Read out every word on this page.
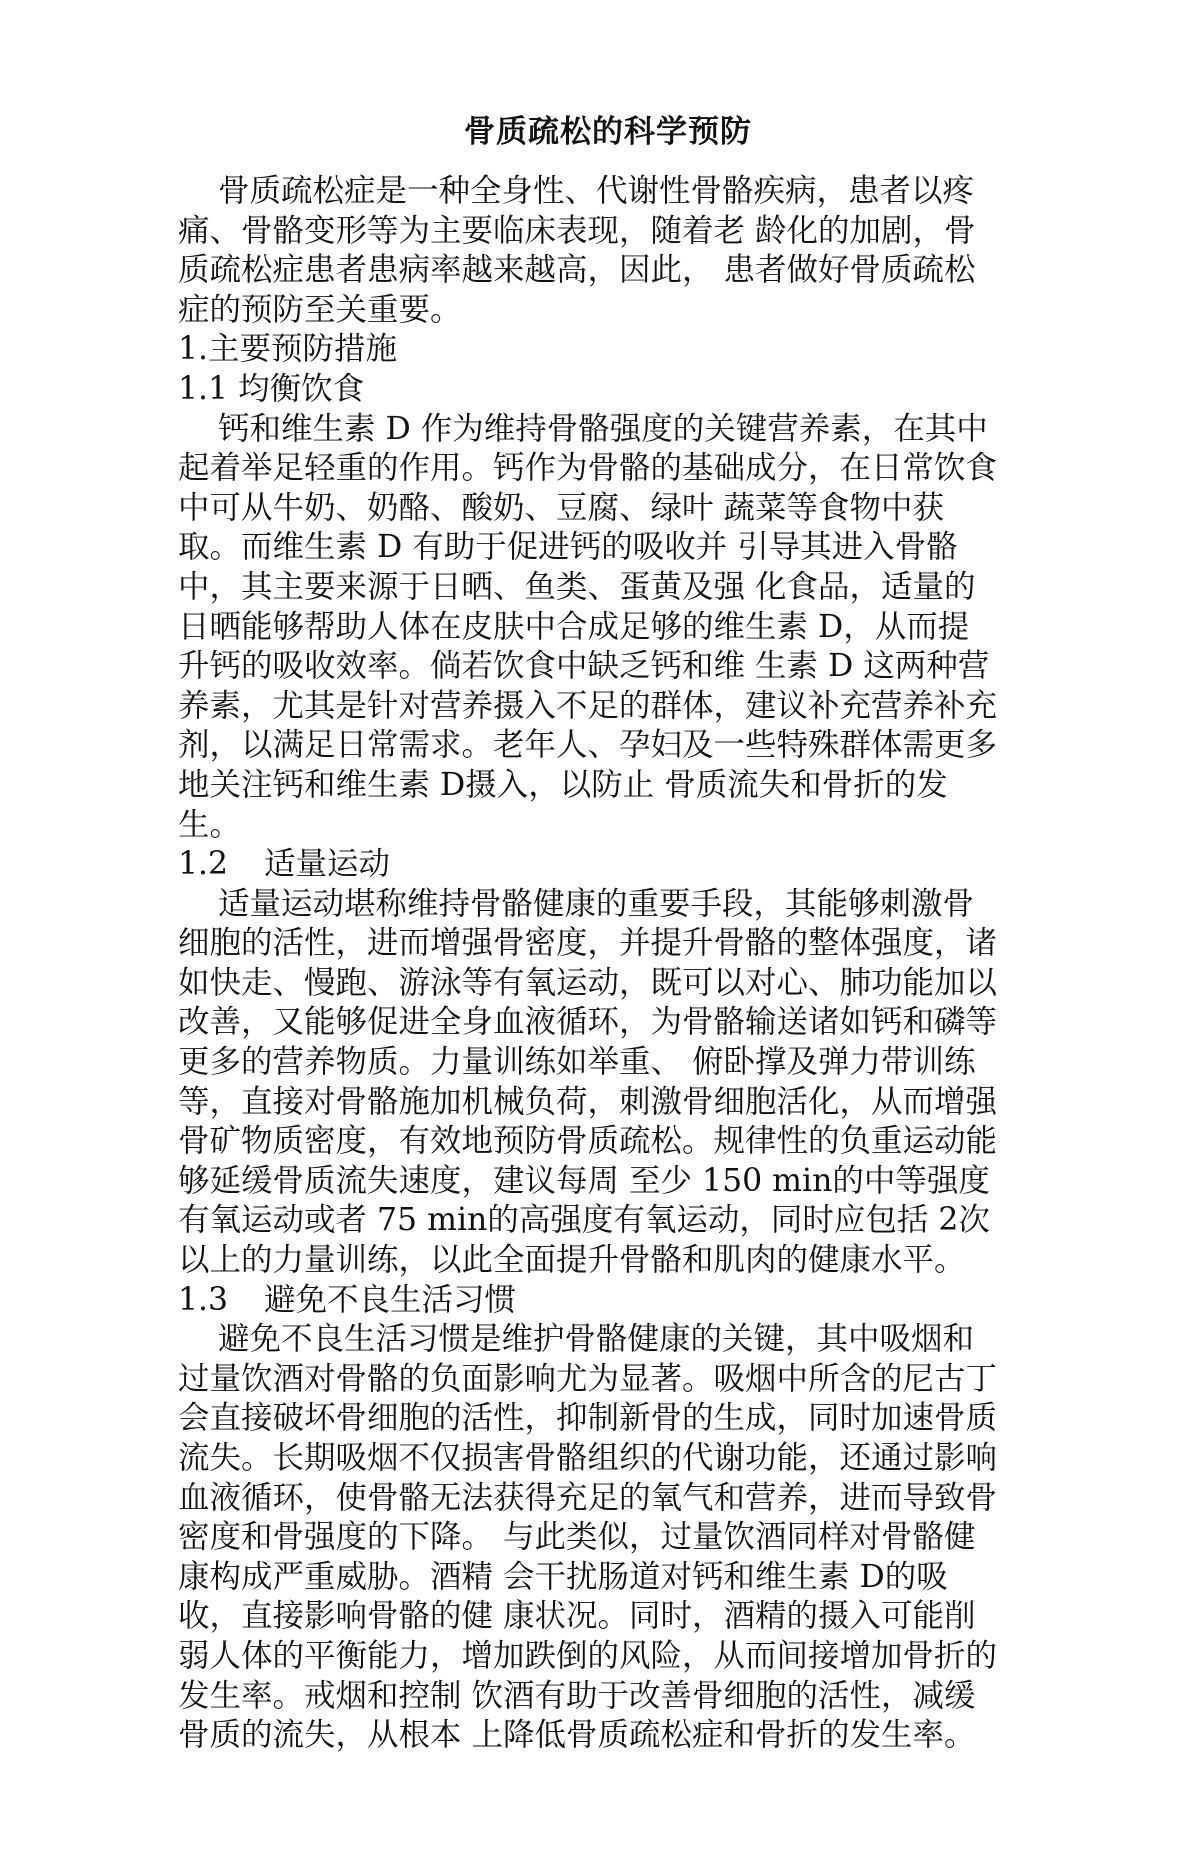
骨质疏松的科学预防

骨质疏松症是一种全身性、代谢性骨骼疾病，患者以疼痛、骨骼变形等为主要临床表现，随着老 龄化的加剧，骨质疏松症患者患病率越来越高，因此， 患者做好骨质疏松症的预防至关重要。

1.主要预防措施

1.1 均衡饮食

钙和维生素 D 作为维持骨骼强度的关键营养素，在其中起着举足轻重的作用。钙作为骨骼的基础成分，在日常饮食中可从牛奶、奶酪、酸奶、豆腐、绿叶 蔬菜等食物中获取。而维生素 D 有助于促进钙的吸收并 引导其进入骨骼中，其主要来源于日晒、鱼类、蛋黄及强 化食品，适量的日晒能够帮助人体在皮肤中合成足够的维生素 D，从而提升钙的吸收效率。倘若饮食中缺乏钙和维 生素 D 这两种营养素，尤其是针对营养摄入不足的群体，建议补充营养补充剂，以满足日常需求。老年人、孕妇及一些特殊群体需更多地关注钙和维生素 D摄入，以防止 骨质流失和骨折的发生。

1.2 适量运动

适量运动堪称维持骨骼健康的重要手段，其能够刺激骨细胞的活性，进而增强骨密度，并提升骨骼的整体强度，诸如快走、慢跑、游泳等有氧运动，既可以对心、肺功能加以改善，又能够促进全身血液循环，为骨骼输送诸如钙和磷等更多的营养物质。力量训练如举重、 俯卧撑及弹力带训练等，直接对骨骼施加机械负荷，刺激骨细胞活化，从而增强骨矿物质密度，有效地预防骨质疏松。规律性的负重运动能够延缓骨质流失速度，建议每周 至少 150 min的中等强度有氧运动或者 75 min的高强度有氧运动，同时应包括 2次以上的力量训练，以此全面提升骨骼和肌肉的健康水平。

1.3 避免不良生活习惯

避免不良生活习惯是维护骨骼健康的关键，其中吸烟和过量饮酒对骨骼的负面影响尤为显著。吸烟中所含的尼古丁会直接破坏骨细胞的活性，抑制新骨的生成，同时加速骨质流失。长期吸烟不仅损害骨骼组织的代谢功能，还通过影响血液循环，使骨骼无法获得充足的氧气和营养，进而导致骨密度和骨强度的下降。 与此类似，过量饮酒同样对骨骼健康构成严重威胁。酒精 会干扰肠道对钙和维生素 D的吸收，直接影响骨骼的健 康状况。同时，酒精的摄入可能削弱人体的平衡能力，增加跌倒的风险，从而间接增加骨折的发生率。戒烟和控制 饮酒有助于改善骨细胞的活性，减缓骨质的流失，从根本 上降低骨质疏松症和骨折的发生率。
